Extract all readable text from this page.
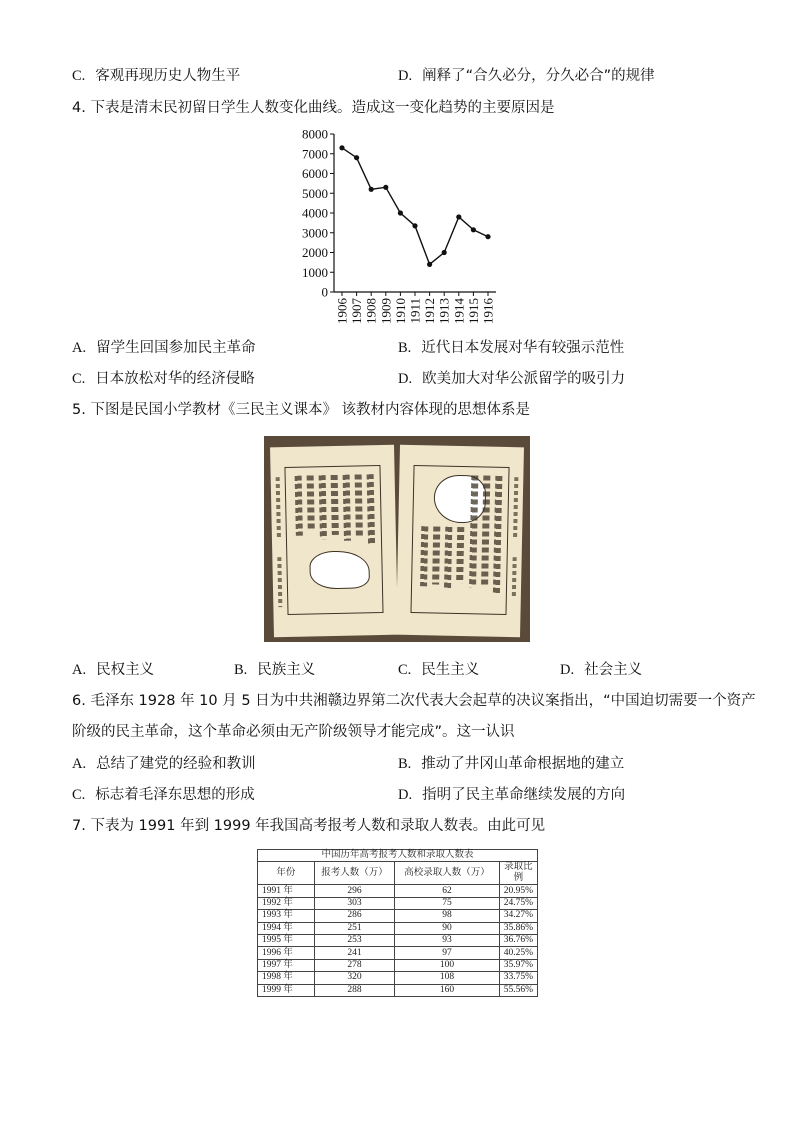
C. 客观再现历史人物生平	D. 阐释了“合久必分，分久必合”的规律
4. 下表是清末民初留日学生人数变化曲线。造成这一变化趋势的主要原因是
0
1000
2000
3000
4000
5000
6000
7000
8000
1906 1907 1908 1909 1910 1911 1912 1913 1914 1915 1916
A. 留学生回国参加民主革命	B. 近代日本发展对华有较强示范性
C. 日本放松对华的经济侵略	D. 欧美加大对华公派留学的吸引力
5. 下图是民国小学教材《三民主义课本》 该教材内容体现的思想体系是
A. 民权主义	B. 民族主义	C. 民生主义	D. 社会主义
6. 毛泽东 1928 年 10 月 5 日为中共湘赣边界第二次代表大会起草的决议案指出，“中国迫切需要一个资产
阶级的民主革命，这个革命必须由无产阶级领导才能完成”。这一认识
A. 总结了建党的经验和教训	B. 推动了井冈山革命根据地的建立
C. 标志着毛泽东思想的形成	D. 指明了民主革命继续发展的方向
7. 下表为 1991 年到 1999 年我国高考报考人数和录取人数表。由此可见
中国历年高考报考人数和录取人数表			
年份	报考人数（万）	高校录取人数（万）	录取比例
1991 年	296	62	20.95%
1992 年	303	75	24.75%
1993 年	286	98	34.27%
1994 年	251	90	35.86%
1995 年	253	93	36.76%
1996 年	241	97	40.25%
1997 年	278	100	35.97%
1998 年	320	108	33.75%
1999 年	288	160	55.56%
